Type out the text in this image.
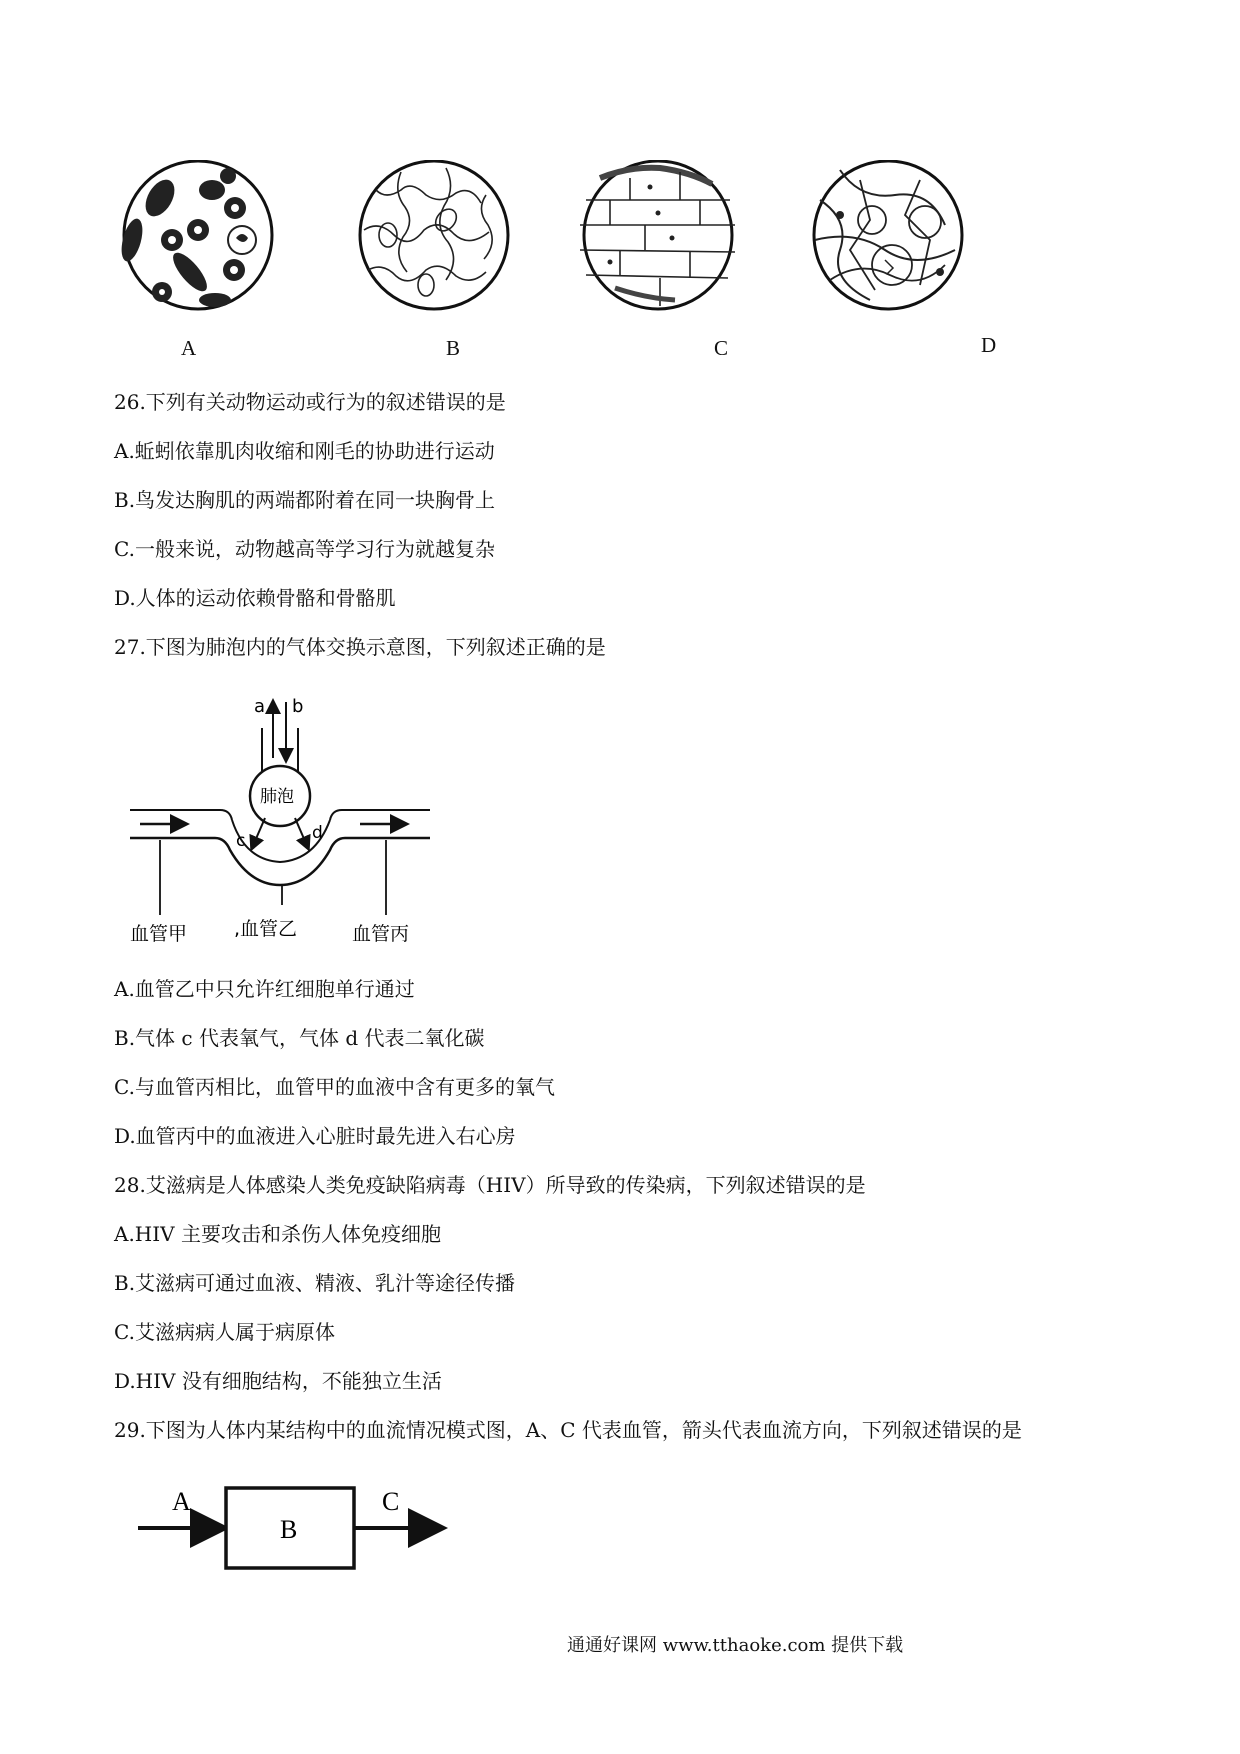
A	B	C	D
26.下列有关动物运动或行为的叙述错误的是
A.蚯蚓依靠肌肉收缩和刚毛的协助进行运动
B.鸟发达胸肌的两端都附着在同一块胸骨上
C.一般来说，动物越高等学习行为就越复杂
D.人体的运动依赖骨骼和骨骼肌
27.下图为肺泡内的气体交换示意图，下列叙述正确的是
a b
肺泡
c	d
血管甲 ,血管乙	血管丙
A.血管乙中只允许红细胞单行通过
B.气体 c 代表氧气，气体 d 代表二氧化碳
C.与血管丙相比，血管甲的血液中含有更多的氧气
D.血管丙中的血液进入心脏时最先进入右心房
28.艾滋病是人体感染人类免疫缺陷病毒（HIV）所导致的传染病，下列叙述错误的是
A.HIV 主要攻击和杀伤人体免疫细胞
B.艾滋病可通过血液、精液、乳汁等途径传播
C.艾滋病病人属于病原体
D.HIV 没有细胞结构，不能独立生活
29.下图为人体内某结构中的血流情况模式图，A、C 代表血管，箭头代表血流方向，下列叙述错误的是
A
B
C
通通好课网 www.tthaoke.com 提供下载
